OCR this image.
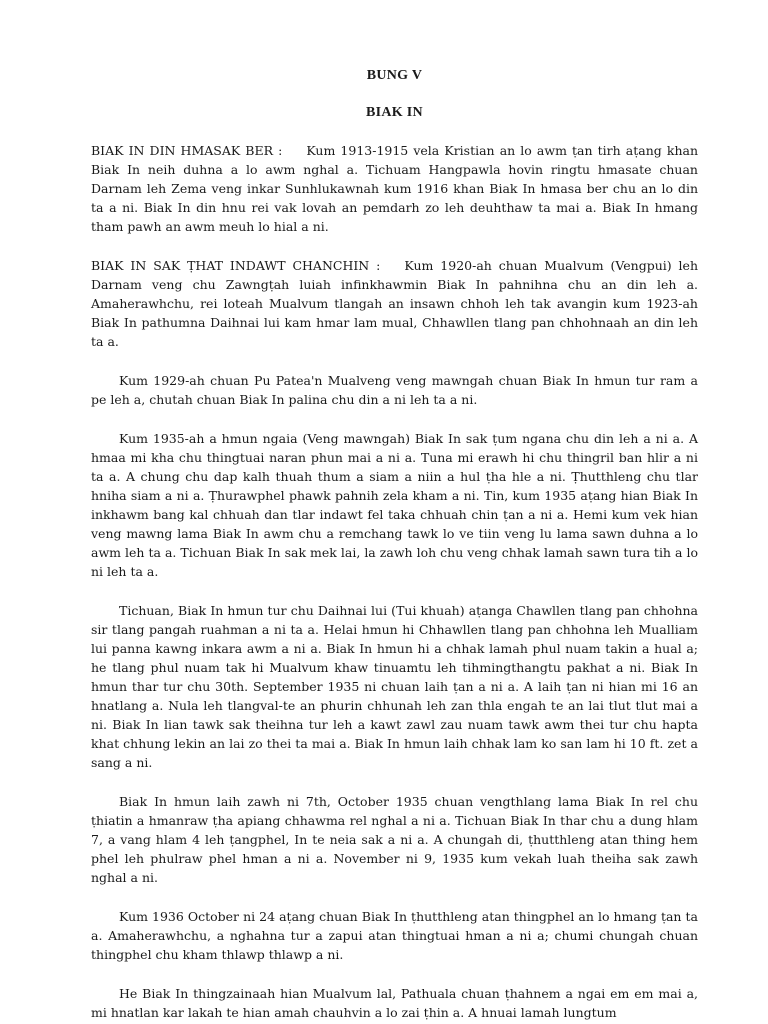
BUNG V
BIAK IN

BIAK IN DIN HMASAK BER : Kum 1913-1915 vela Kristian an lo awm ṭan tirh aṭang khan Biak In neih duhna a lo awm nghal a. Tichuam Hangpawla hovin ringtu hmasate chuan Darnam leh Zema veng inkar Sunhlukawnah kum 1916 khan Biak In hmasa ber chu an lo din ta a ni. Biak In din hnu rei vak lovah an pemdarh zo leh deuhthaw ta mai a. Biak In hmang tham pawh an awm meuh lo hial a ni.

BIAK IN SAK ṬHAT INDAWT CHANCHIN : Kum 1920-ah chuan Mualvum (Vengpui) leh Darnam veng chu Zawngṭah luiah infinkhawmin Biak In pahnihna chu an din leh a. Amaherawhchu, rei loteah Mualvum tlangah an insawn chhoh leh tak avangin kum 1923-ah Biak In pathumna Daihnai lui kam hmar lam mual, Chhawllen tlang pan chhohnaah an din leh ta a.

Kum 1929-ah chuan Pu Patea'n Mualveng veng mawngah chuan Biak In hmun tur ram a pe leh a, chutah chuan Biak In palina chu din a ni leh ta a ni.

Kum 1935-ah a hmun ngaia (Veng mawngah) Biak In sak ṭum ngana chu din leh a ni a. A hmaa mi kha chu thingtuai naran phun mai a ni a. Tuna mi erawh hi chu thingril ban hlir a ni ta a. A chung chu dap kalh thuah thum a siam a niin a hul ṭha hle a ni. Ṭhutthleng chu tlar hniha siam a ni a. Ṭhurawphel phawk pahnih zela kham a ni. Tin, kum 1935 aṭang hian Biak In inkhawm bang kal chhuah dan tlar indawt fel taka chhuah chin ṭan a ni a. Hemi kum vek hian veng mawng lama Biak In awm chu a remchang tawk lo ve tiin veng lu lama sawn duhna a lo awm leh ta a. Tichuan Biak In sak mek lai, la zawh loh chu veng chhak lamah sawn tura tih a lo ni leh ta a.

Tichuan, Biak In hmun tur chu Daihnai lui (Tui khuah) aṭanga Chawllen tlang pan chhohna sir tlang pangah ruahman a ni ta a. Helai hmun hi Chhawllen tlang pan chhohna leh Mualliam lui panna kawng inkara awm a ni a. Biak In hmun hi a chhak lamah phul nuam takin a hual a; he tlang phul nuam tak hi Mualvum khaw tinuamtu leh tihmingthangtu pakhat a ni. Biak In hmun thar tur chu 30th. September 1935 ni chuan laih ṭan a ni a. A laih ṭan ni hian mi 16 an hnatlang a. Nula leh tlangval-te an phurin chhunah leh zan thla engah te an lai tlut tlut mai a ni. Biak In lian tawk sak theihna tur leh a kawt zawl zau nuam tawk awm thei tur chu hapta khat chhung lekin an lai zo thei ta mai a. Biak In hmun laih chhak lam ko san lam hi 10 ft. zet a sang a ni.

Biak In hmun laih zawh ni 7th, October 1935 chuan vengthlang lama Biak In rel chu ṭhiatin a hmanraw ṭha apiang chhawma rel nghal a ni a. Tichuan Biak In thar chu a dung hlam 7, a vang hlam 4 leh ṭangphel, In te neia sak a ni a. A chungah di, ṭhutthleng atan thing hem phel leh phulraw phel hman a ni a. November ni 9, 1935 kum vekah luah theiha sak zawh nghal a ni.

Kum 1936 October ni 24 aṭang chuan Biak In ṭhutthleng atan thingphel an lo hmang ṭan ta a. Amaherawhchu, a nghahna tur a zapui atan thingtuai hman a ni a; chumi chungah chuan thingphel chu kham thlawp thlawp a ni.

He Biak In thingzainaah hian Mualvum lal, Pathuala chuan ṭhahnem a ngai em em mai a, mi hnatlan kar lakah te hian amah chauhvin a lo zai ṭhin a. A hnuai lamah lungtum
